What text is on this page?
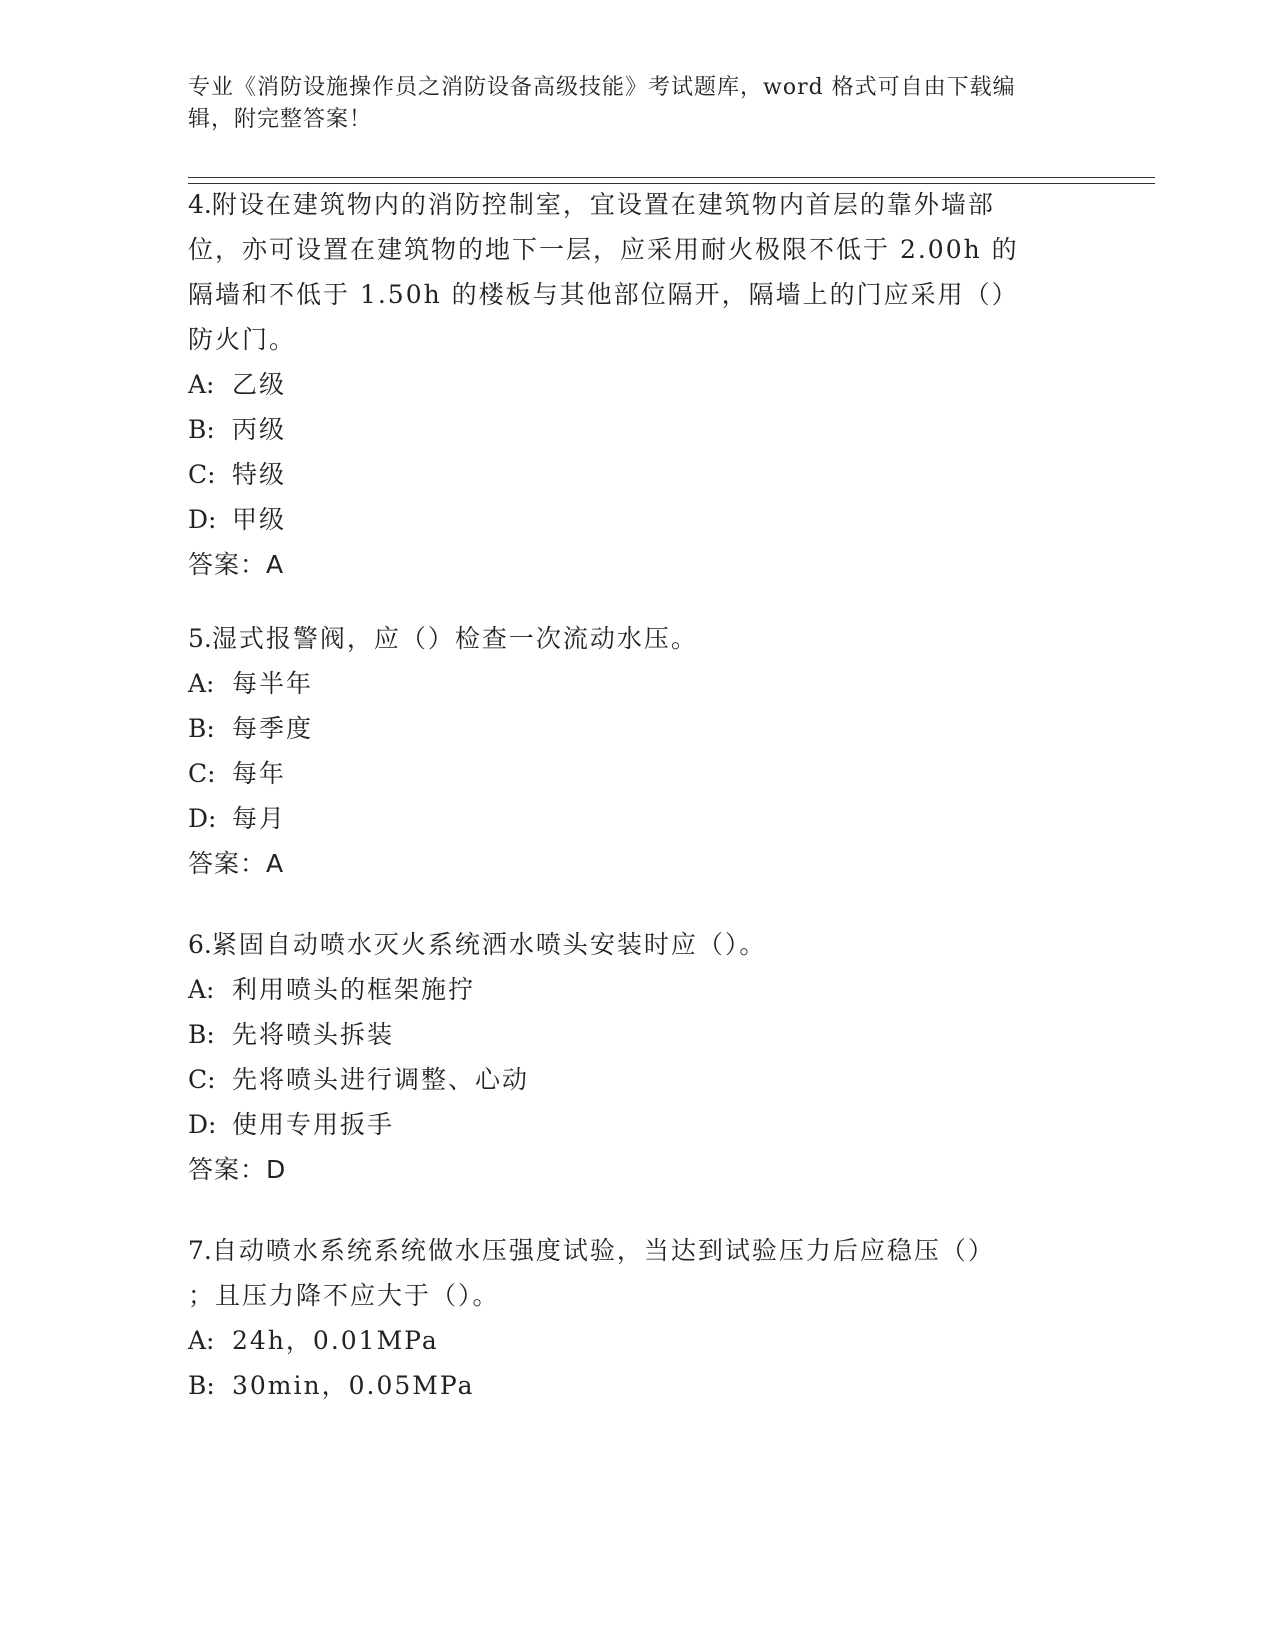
专业《消防设施操作员之消防设备高级技能》考试题库，word 格式可自由下载编
辑，附完整答案！
4.附设在建筑物内的消防控制室，宜设置在建筑物内首层的靠外墙部
位，亦可设置在建筑物的地下一层，应采用耐火极限不低于 2.00h 的
隔墙和不低于 1.50h 的楼板与其他部位隔开，隔墙上的门应采用（）
防火门。
A: 乙级
B: 丙级
C: 特级
D: 甲级
答案：A
5.湿式报警阀，应（）检查一次流动水压。
A: 每半年
B: 每季度
C: 每年
D: 每月
答案：A
6.紧固自动喷水灭火系统洒水喷头安装时应（）。
A: 利用喷头的框架施拧
B: 先将喷头拆装
C: 先将喷头进行调整、心动
D: 使用专用扳手
答案：D
7.自动喷水系统系统做水压强度试验，当达到试验压力后应稳压（）
；且压力降不应大于（）。
A: 24h，0.01MPa
B: 30min，0.05MPa
